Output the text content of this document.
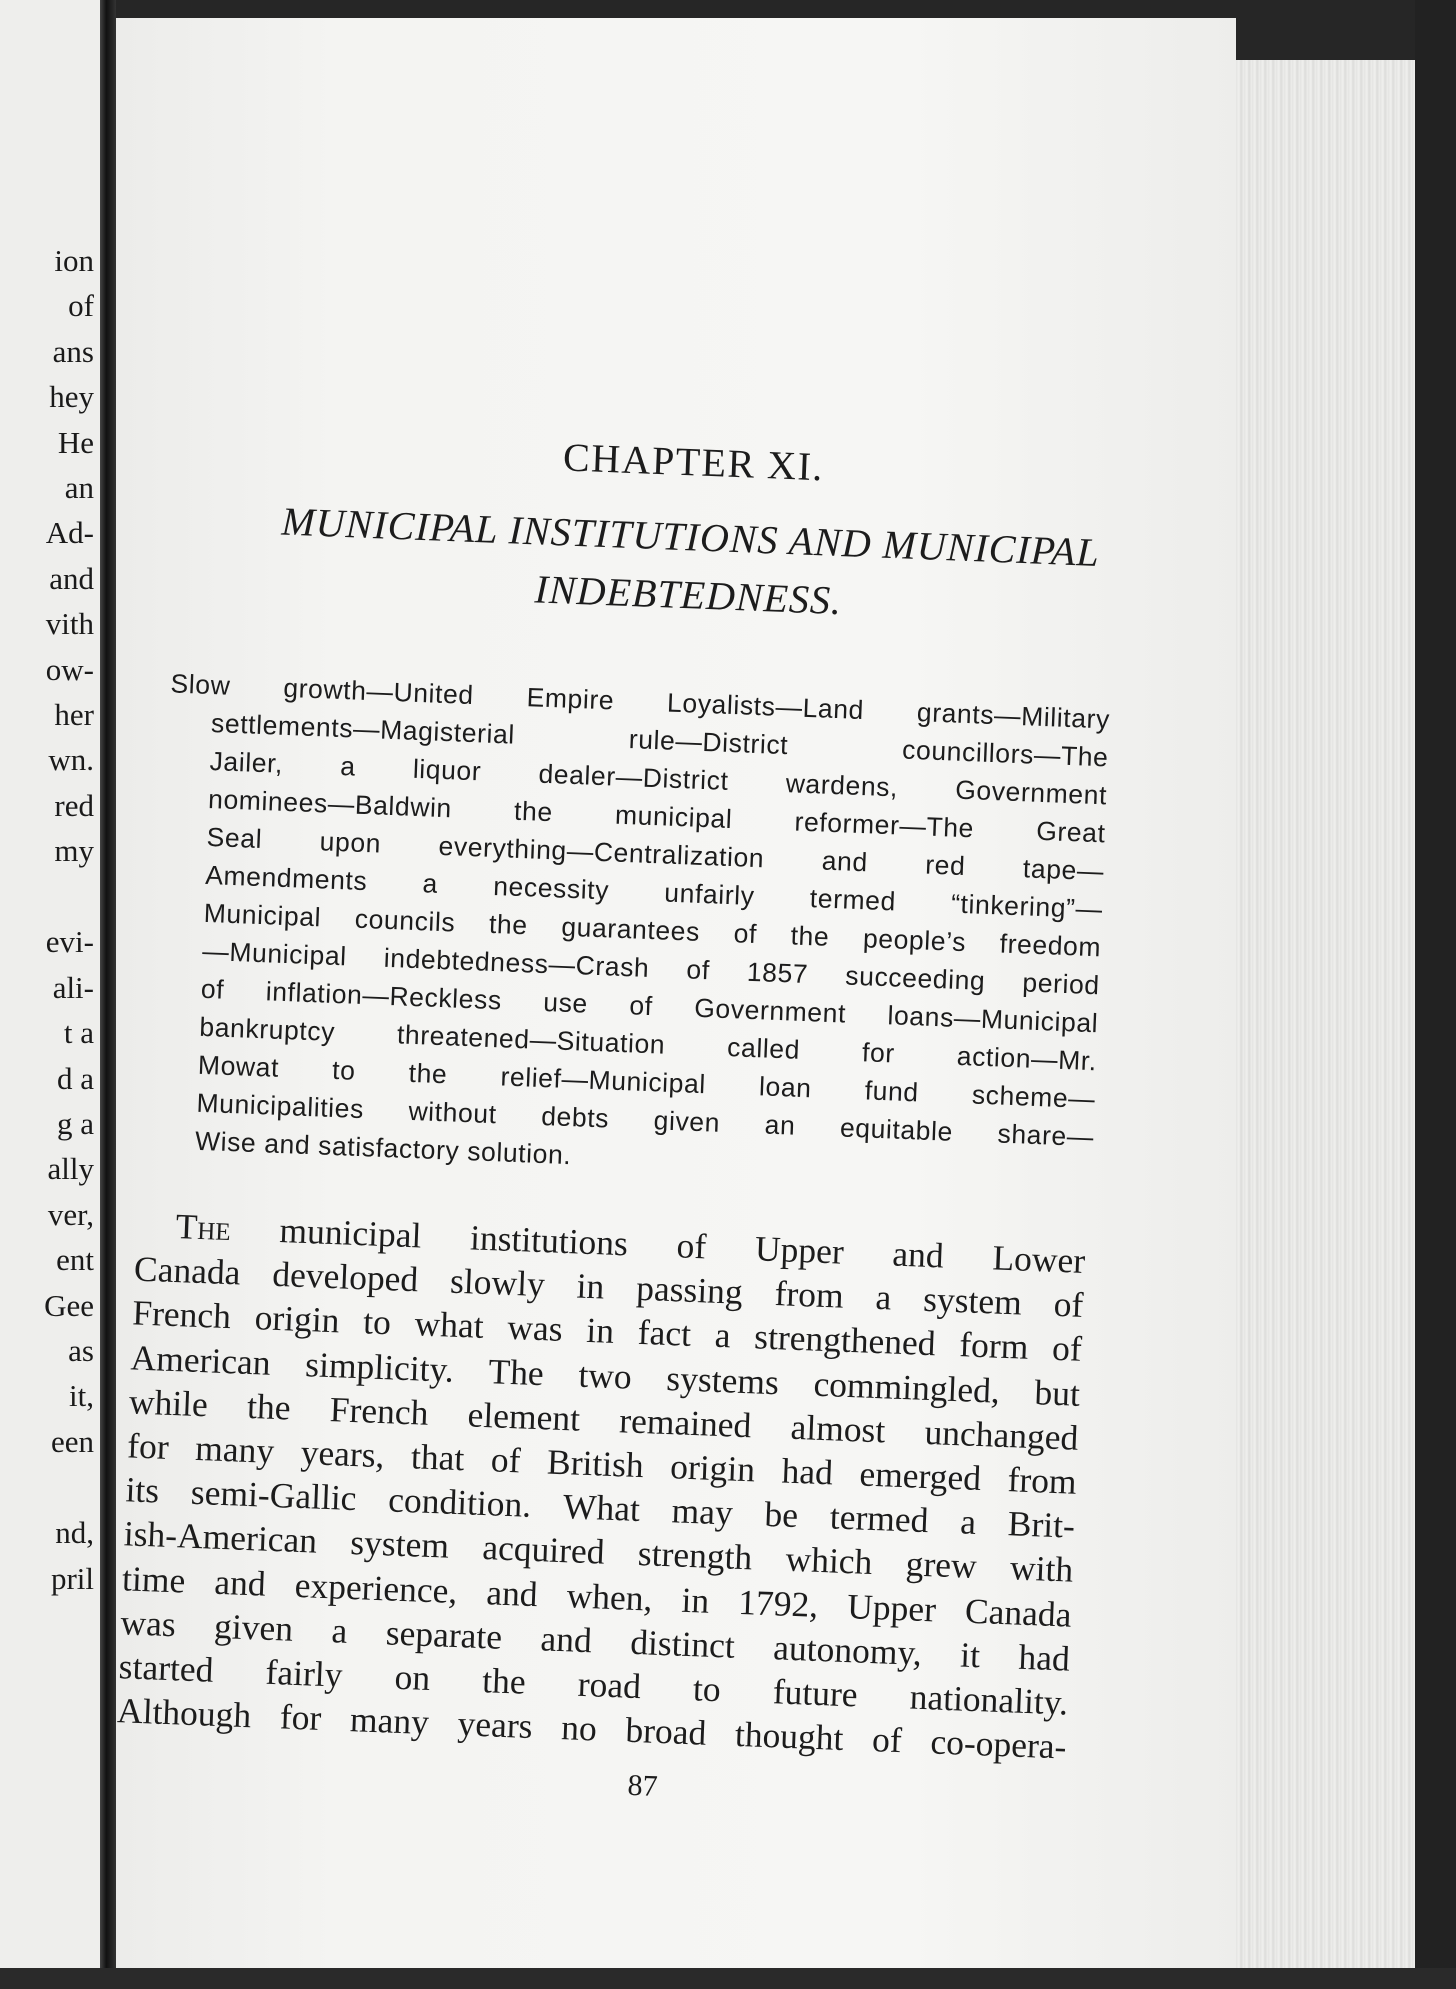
ion
of
ans
hey
He
an
Ad-
and
vith
ow-
her
wn.
red
my
evi-
ali-
t a
d a
g a
ally
ver,
ent
Gee
as
it,
een
nd,
pril
CHAPTER XI.
MUNICIPAL INSTITUTIONS AND MUNICIPAL
INDEBTEDNESS.
Slow growth—United Empire Loyalists—Land grants—Military
settlements—Magisterial	rule—District	councillors—The
Jailer, a liquor dealer—District wardens, Government
nominees—Baldwin the municipal reformer—The Great
Seal upon everything—Centralization and red tape—
Amendments a necessity unfairly termed “tinkering”—
Municipal councils the guarantees of the people’s freedom
—Municipal indebtedness—Crash of 1857 succeeding period
of inflation—Reckless use of Government loans—Municipal
bankruptcy threatened—Situation called for action—Mr.
Mowat to the relief—Municipal loan fund scheme—
Municipalities without debts given an equitable share—
Wise and satisfactory solution.
The municipal institutions of Upper and Lower
Canada developed slowly in passing from a system of
French origin to what was in fact a strengthened form of
American simplicity. The two systems commingled, but
while the French element remained almost unchanged
for many years, that of British origin had emerged from
its semi-Gallic condition. What may be termed a Brit-
ish-American system acquired strength which grew with
time and experience, and when, in 1792, Upper Canada
was given a separate and distinct autonomy, it had
started fairly on the road to future nationality.
Although for many years no broad thought of co-opera-
87
